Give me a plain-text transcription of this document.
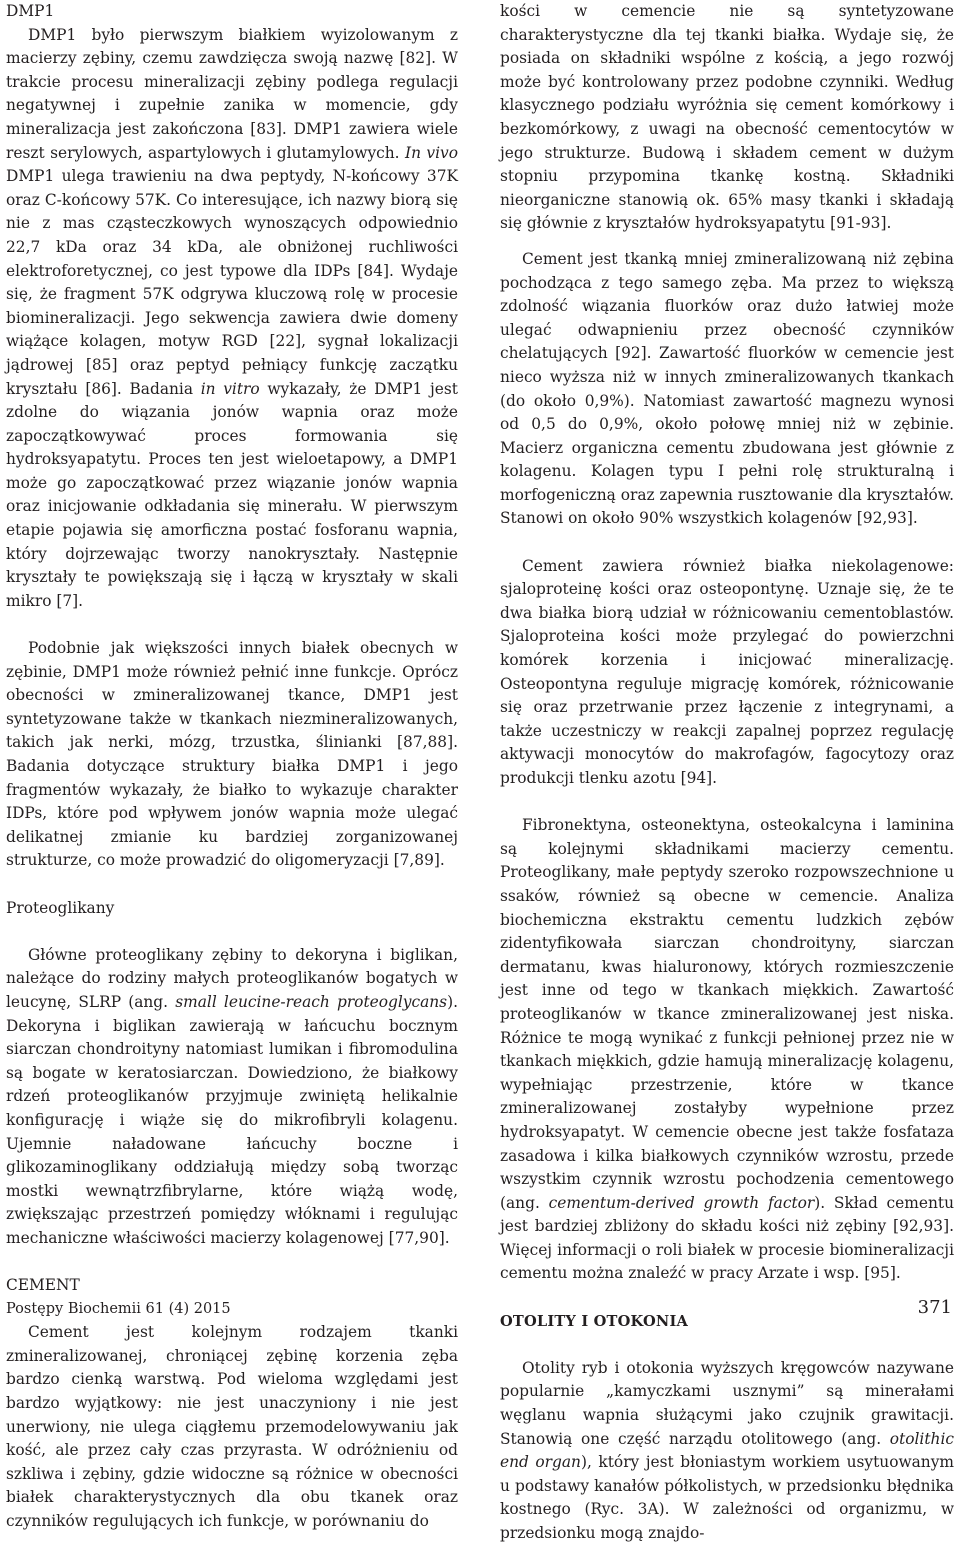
DMP1

DMP1 było pierwszym białkiem wyizolowanym z macierzy zębiny, czemu zawdzięcza swoją nazwę [82]. W trakcie procesu mineralizacji zębiny podlega regulacji negatywnej i zupełnie zanika w momencie, gdy mineralizacja jest zakończona [83]. DMP1 zawiera wiele reszt serylowych, aspartylowych i glutamylowych. In vivo DMP1 ulega trawieniu na dwa peptydy, N-końcowy 37K oraz C-końcowy 57K. Co interesujące, ich nazwy biorą się nie z mas cząsteczkowych wynoszących odpowiednio 22,7 kDa oraz 34 kDa, ale obniżonej ruchliwości elektroforetycznej, co jest typowe dla IDPs [84]. Wydaje się, że fragment 57K odgrywa kluczową rolę w procesie biomineralizacji. Jego sekwencja zawiera dwie domeny wiążące kolagen, motyw RGD [22], sygnał lokalizacji jądrowej [85] oraz peptyd pełniący funkcję zaczątku kryształu [86]. Badania in vitro wykazały, że DMP1 jest zdolne do wiązania jonów wapnia oraz może zapoczątkowywać proces formowania się hydroksyapatytu. Proces ten jest wieloetapowy, a DMP1 może go zapoczątkować przez wiązanie jonów wapnia oraz inicjowanie odkładania się minerału. W pierwszym etapie pojawia się amorficzna postać fosforanu wapnia, który dojrzewając tworzy nanokryształy. Następnie kryształy te powiększają się i łączą w kryształy w skali mikro [7].

Podobnie jak większości innych białek obecnych w zębinie, DMP1 może również pełnić inne funkcje. Oprócz obecności w zmineralizowanej tkance, DMP1 jest syntetyzowane także w tkankach niezmineralizowanych, takich jak nerki, mózg, trzustka, ślinianki [87,88]. Badania dotyczące struktury białka DMP1 i jego fragmentów wykazały, że białko to wykazuje charakter IDPs, które pod wpływem jonów wapnia może ulegać delikatnej zmianie ku bardziej zorganizowanej strukturze, co może prowadzić do oligomeryzacji [7,89].

Proteoglikany

Główne proteoglikany zębiny to dekoryna i biglikan, należące do rodziny małych proteoglikanów bogatych w leucynę, SLRP (ang. small leucine-reach proteoglycans). Dekoryna i biglikan zawierają w łańcuchu bocznym siarczan chondroityny natomiast lumikan i fibromodulina są bogate w keratosiarczan. Dowiedziono, że białkowy rdzeń proteoglikanów przyjmuje zwiniętą helikalnie konfigurację i wiąże się do mikrofibryli kolagenu. Ujemnie naładowane łańcuchy boczne i glikozaminoglikany oddziałują między sobą tworząc mostki wewnątrzfibrylarne, które wiążą wodę, zwiększając przestrzeń pomiędzy włóknami i regulując mechaniczne właściwości macierzy kolagenowej [77,90].

CEMENT

Cement jest kolejnym rodzajem tkanki zmineralizowanej, chroniącej zębinę korzenia zęba bardzo cienką warstwą. Pod wieloma względami jest bardzo wyjątkowy: nie jest unaczyniony i nie jest unerwiony, nie ulega ciągłemu przemodelowywaniu jak kość, ale przez cały czas przyrasta. W odróżnieniu od szkliwa i zębiny, gdzie widoczne są różnice w obecności białek charakterystycznych dla obu tkanek oraz czynników regulujących ich funkcje, w porównaniu do

kości w cemencie nie są syntetyzowane charakterystyczne dla tej tkanki białka. Wydaje się, że posiada on składniki wspólne z kością, a jego rozwój może być kontrolowany przez podobne czynniki. Według klasycznego podziału wyróżnia się cement komórkowy i bezkomórkowy, z uwagi na obecność cementocytów w jego strukturze. Budową i składem cement w dużym stopniu przypomina tkankę kostną. Składniki nieorganiczne stanowią ok. 65% masy tkanki i składają się głównie z kryształów hydroksyapatytu [91-93].

Cement jest tkanką mniej zmineralizowaną niż zębina pochodząca z tego samego zęba. Ma przez to większą zdolność wiązania fluorków oraz dużo łatwiej może ulegać odwapnieniu przez obecność czynników chelatujących [92]. Zawartość fluorków w cemencie jest nieco wyższa niż w innych zmineralizowanych tkankach (do około 0,9%). Natomiast zawartość magnezu wynosi od 0,5 do 0,9%, około połowę mniej niż w zębinie. Macierz organiczna cementu zbudowana jest głównie z kolagenu. Kolagen typu I pełni rolę strukturalną i morfogeniczną oraz zapewnia rusztowanie dla kryształów. Stanowi on około 90% wszystkich kolagenów [92,93].

Cement zawiera również białka niekolagenowe: sjaloproteinę kości oraz osteopontynę. Uznaje się, że te dwa białka biorą udział w różnicowaniu cementoblastów. Sjaloproteina kości może przylegać do powierzchni komórek korzenia i inicjować mineralizację. Osteopontyna reguluje migrację komórek, różnicowanie się oraz przetrwanie przez łączenie z integrynami, a także uczestniczy w reakcji zapalnej poprzez regulację aktywacji monocytów do makrofagów, fagocytozy oraz produkcji tlenku azotu [94].

Fibronektyna, osteonektyna, osteokalcyna i laminina są kolejnymi składnikami macierzy cementu. Proteoglikany, małe peptydy szeroko rozpowszechnione u ssaków, również są obecne w cemencie. Analiza biochemiczna ekstraktu cementu ludzkich zębów zidentyfikowała siarczan chondroityny, siarczan dermatanu, kwas hialuronowy, których rozmieszczenie jest inne od tego w tkankach miękkich. Zawartość proteoglikanów w tkance zmineralizowanej jest niska. Różnice te mogą wynikać z funkcji pełnionej przez nie w tkankach miękkich, gdzie hamują mineralizację kolagenu, wypełniając przestrzenie, które w tkance zmineralizowanej zostałyby wypełnione przez hydroksyapatyt. W cemencie obecne jest także fosfataza zasadowa i kilka białkowych czynników wzrostu, przede wszystkim czynnik wzrostu pochodzenia cementowego (ang. cementum-derived growth factor). Skład cementu jest bardziej zbliżony do składu kości niż zębiny [92,93]. Więcej informacji o roli białek w procesie biomineralizacji cementu można znaleźć w pracy Arzate i wsp. [95].

OTOLITY I OTOKONIA

Otolity ryb i otokonia wyższych kręgowców nazywane popularnie „kamyczkami usznymi” są minerałami węglanu wapnia służącymi jako czujnik grawitacji. Stanowią one część narządu otolitowego (ang. otolithic end organ), który jest błoniastym workiem usytuowanym u podstawy kanałów półkolistych, w przedsionku błędnika kostnego (Ryc. 3A). W zależności od organizmu, w przedsionku mogą znajdo-

Postępy Biochemii 61 (4) 2015	371
